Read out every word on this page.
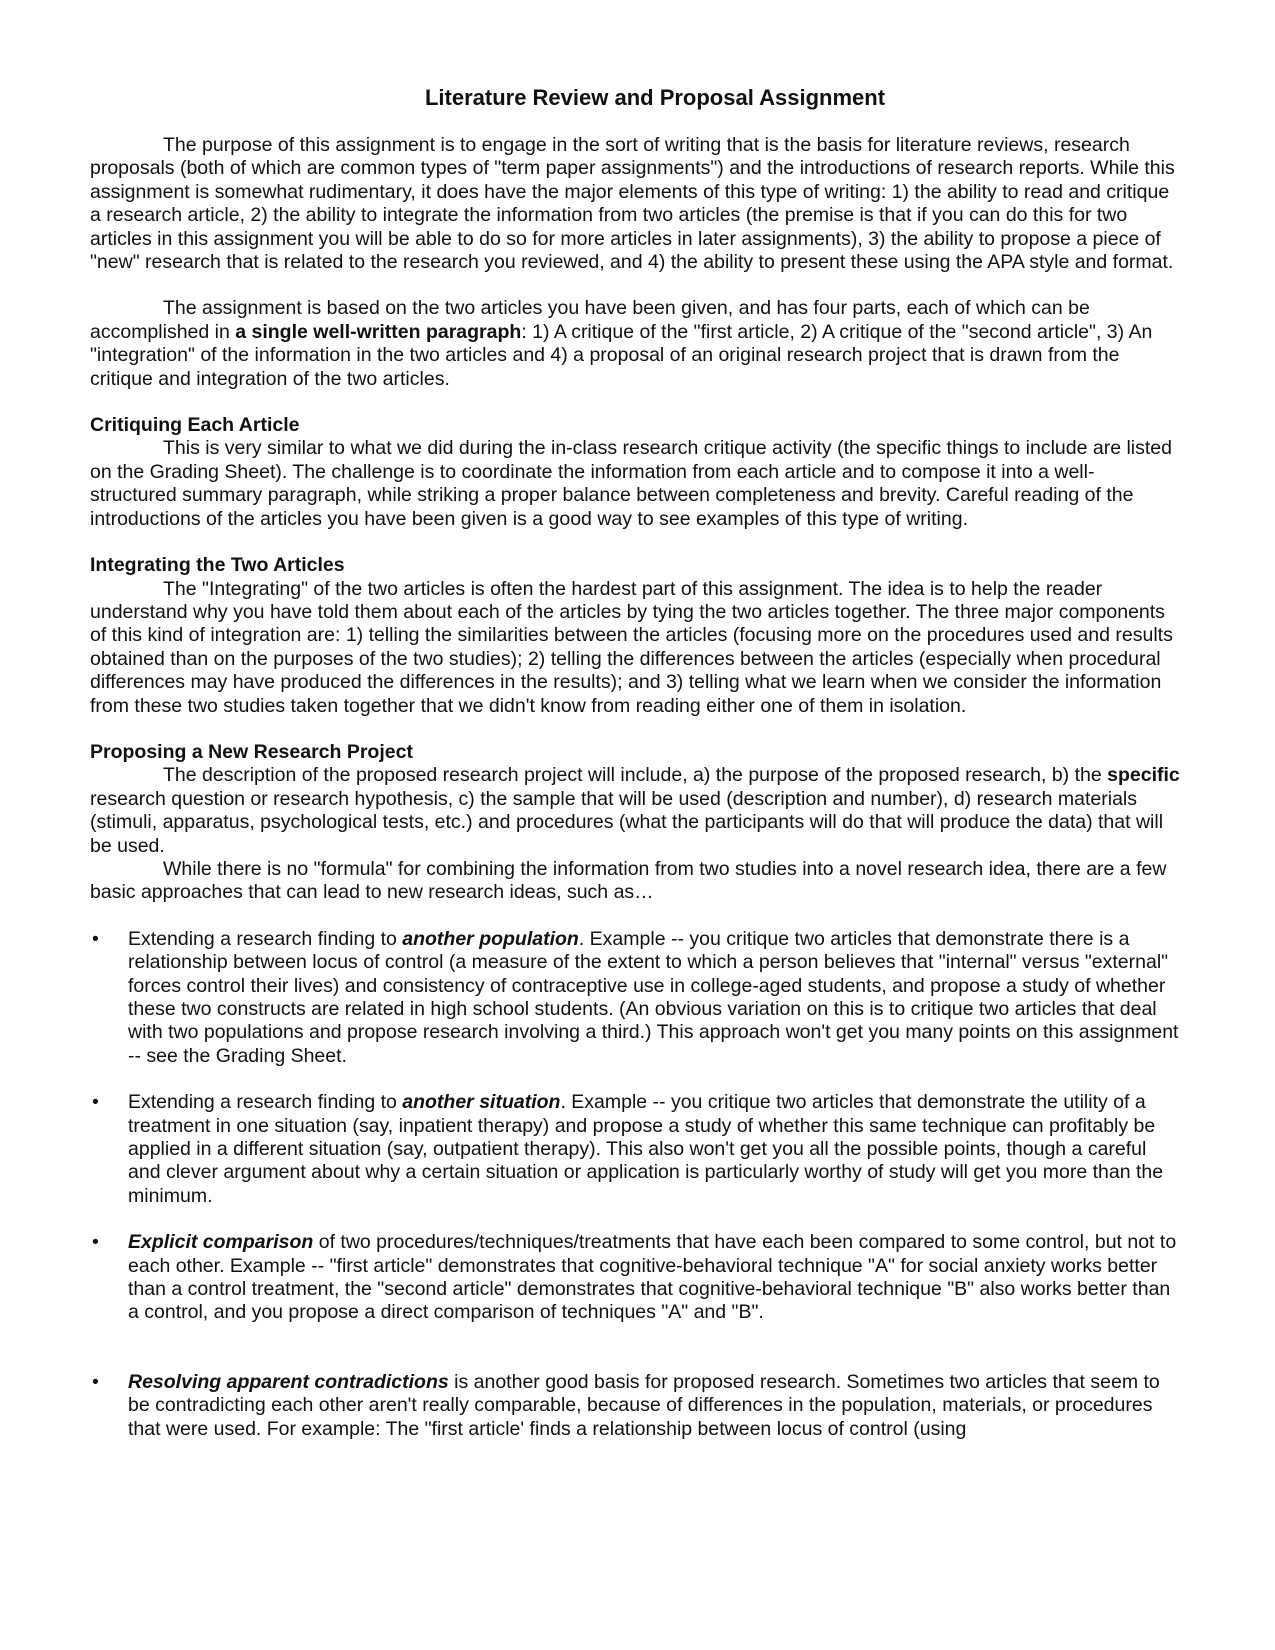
Literature Review and Proposal Assignment

The purpose of this assignment is to engage in the sort of writing that is the basis for literature reviews, research proposals (both of which are common types of "term paper assignments") and the introductions of research reports. While this assignment is somewhat rudimentary, it does have the major elements of this type of writing: 1) the ability to read and critique a research article, 2) the ability to integrate the information from two articles (the premise is that if you can do this for two articles in this assignment you will be able to do so for more articles in later assignments), 3) the ability to propose a piece of "new" research that is related to the research you reviewed, and 4) the ability to present these using the APA style and format.

The assignment is based on the two articles you have been given, and has four parts, each of which can be accomplished in a single well-written paragraph: 1) A critique of the "first article, 2) A critique of the "second article", 3) An "integration" of the information in the two articles and 4) a proposal of an original research project that is drawn from the critique and integration of the two articles.

Critiquing Each Article

This is very similar to what we did during the in-class research critique activity (the specific things to include are listed on the Grading Sheet). The challenge is to coordinate the information from each article and to compose it into a well-structured summary paragraph, while striking a proper balance between completeness and brevity. Careful reading of the introductions of the articles you have been given is a good way to see examples of this type of writing.

Integrating the Two Articles

The "Integrating" of the two articles is often the hardest part of this assignment. The idea is to help the reader understand why you have told them about each of the articles by tying the two articles together. The three major components of this kind of integration are: 1) telling the similarities between the articles (focusing more on the procedures used and results obtained than on the purposes of the two studies); 2) telling the differences between the articles (especially when procedural differences may have produced the differences in the results); and 3) telling what we learn when we consider the information from these two studies taken together that we didn't know from reading either one of them in isolation.

Proposing a New Research Project

The description of the proposed research project will include, a) the purpose of the proposed research, b) the specific research question or research hypothesis, c) the sample that will be used (description and number), d) research materials (stimuli, apparatus, psychological tests, etc.) and procedures (what the participants will do that will produce the data) that will be used.

While there is no "formula" for combining the information from two studies into a novel research idea, there are a few basic approaches that can lead to new research ideas, such as…

•	Extending a research finding to another population. Example -- you critique two articles that demonstrate there is a relationship between locus of control (a measure of the extent to which a person believes that "internal" versus "external" forces control their lives) and consistency of contraceptive use in college-aged students, and propose a study of whether these two constructs are related in high school students. (An obvious variation on this is to critique two articles that deal with two populations and propose research involving a third.) This approach won't get you many points on this assignment -- see the Grading Sheet.
•	Extending a research finding to another situation. Example -- you critique two articles that demonstrate the utility of a treatment in one situation (say, inpatient therapy) and propose a study of whether this same technique can profitably be applied in a different situation (say, outpatient therapy). This also won't get you all the possible points, though a careful and clever argument about why a certain situation or application is particularly worthy of study will get you more than the minimum.
•	Explicit comparison of two procedures/techniques/treatments that have each been compared to some control, but not to each other. Example -- "first article" demonstrates that cognitive-behavioral technique "A" for social anxiety works better than a control treatment, the "second article" demonstrates that cognitive-behavioral technique "B" also works better than a control, and you propose a direct comparison of techniques "A" and "B".
•	Resolving apparent contradictions is another good basis for proposed research. Sometimes two articles that seem to be contradicting each other aren't really comparable, because of differences in the population, materials, or procedures that were used. For example: The "first article' finds a relationship between locus of control (using
